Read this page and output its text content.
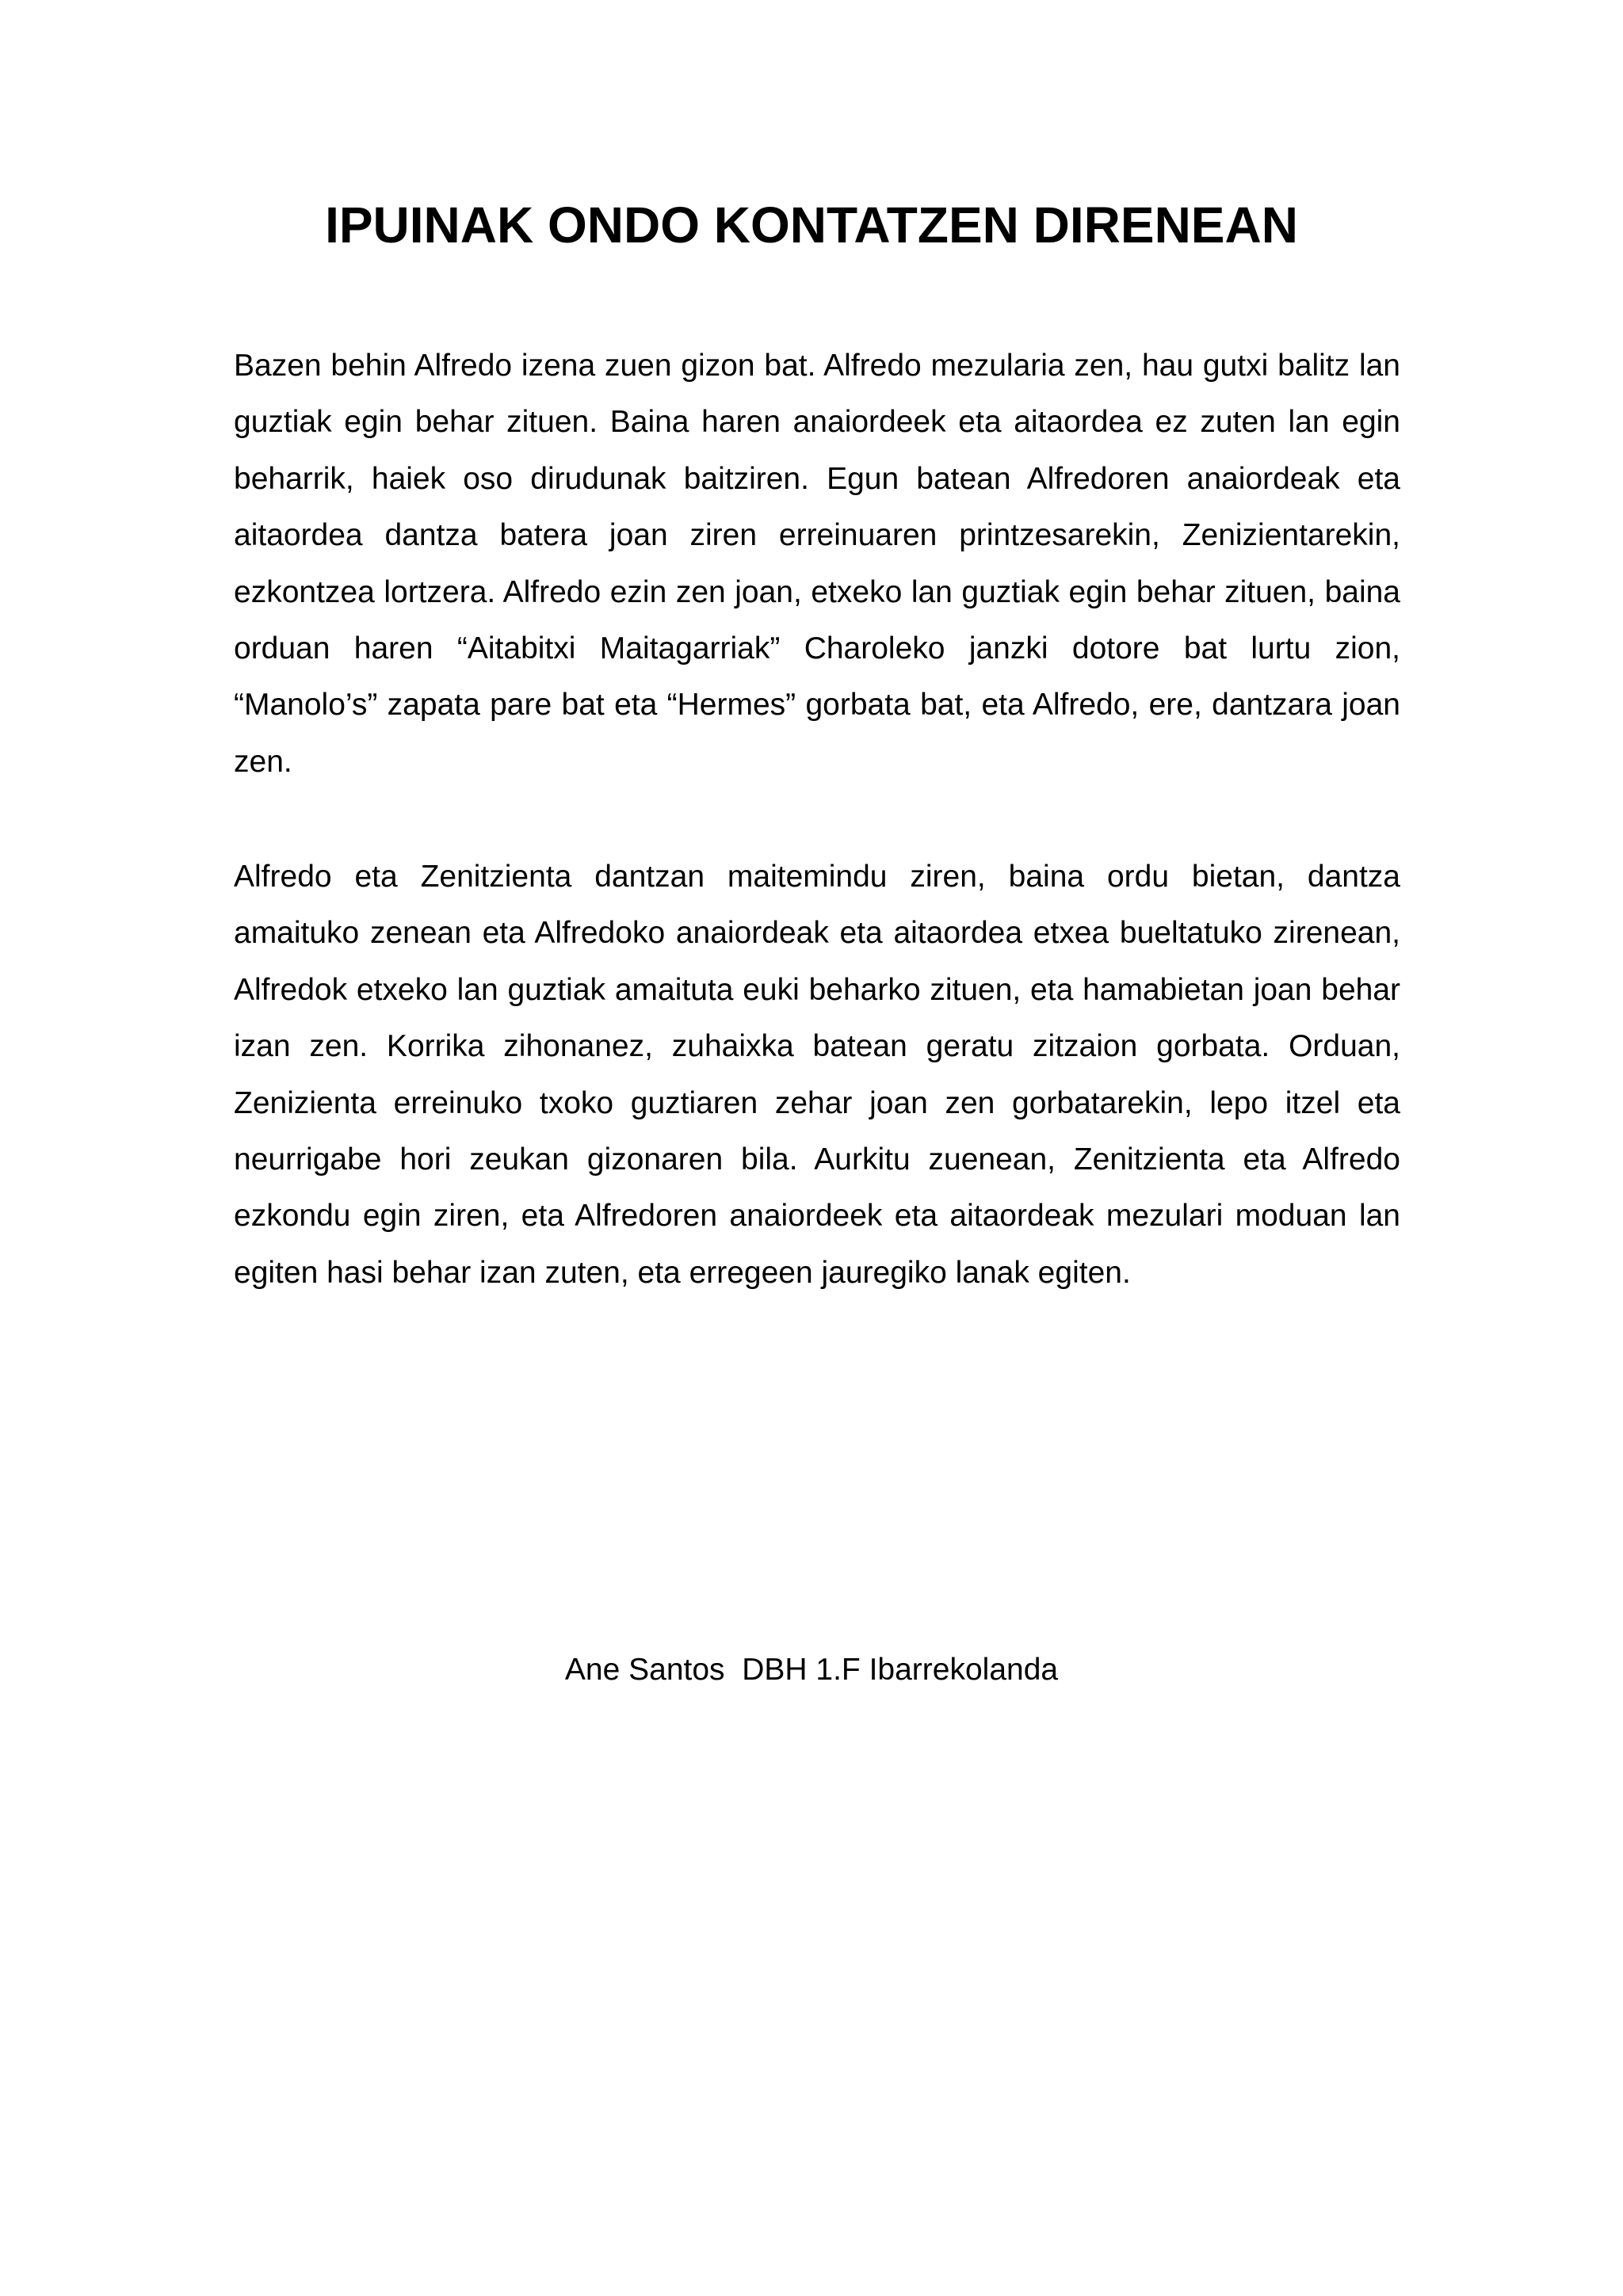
IPUINAK ONDO KONTATZEN DIRENEAN

Bazen behin Alfredo izena zuen gizon bat. Alfredo mezularia zen, hau gutxi balitz lan guztiak egin behar zituen. Baina haren anaiordeek eta aitaordea ez zuten lan egin beharrik, haiek oso dirudunak baitziren. Egun batean Alfredoren anaiordeak eta aitaordea dantza batera joan ziren erreinuaren printzesarekin, Zenizientarekin, ezkontzea lortzera. Alfredo ezin zen joan, etxeko lan guztiak egin behar zituen, baina orduan haren “Aitabitxi Maitagarriak” Charoleko janzki dotore bat lurtu zion, “Manolo’s” zapata pare bat eta “Hermes” gorbata bat, eta Alfredo, ere, dantzara joan zen.

Alfredo eta Zenitzienta dantzan maitemindu ziren, baina ordu bietan, dantza amaituko zenean eta Alfredoko anaiordeak eta aitaordea etxea bueltatuko zirenean, Alfredok etxeko lan guztiak amaituta euki beharko zituen, eta hamabietan joan behar izan zen. Korrika zihonanez, zuhaixka batean geratu zitzaion gorbata. Orduan, Zenizienta erreinuko txoko guztiaren zehar joan zen gorbatarekin, lepo itzel eta neurrigabe hori zeukan gizonaren bila. Aurkitu zuenean, Zenitzienta eta Alfredo ezkondu egin ziren, eta Alfredoren anaiordeek eta aitaordeak mezulari moduan lan egiten hasi behar izan zuten, eta erregeen jauregiko lanak egiten.

Ane Santos  DBH 1.F Ibarrekolanda
